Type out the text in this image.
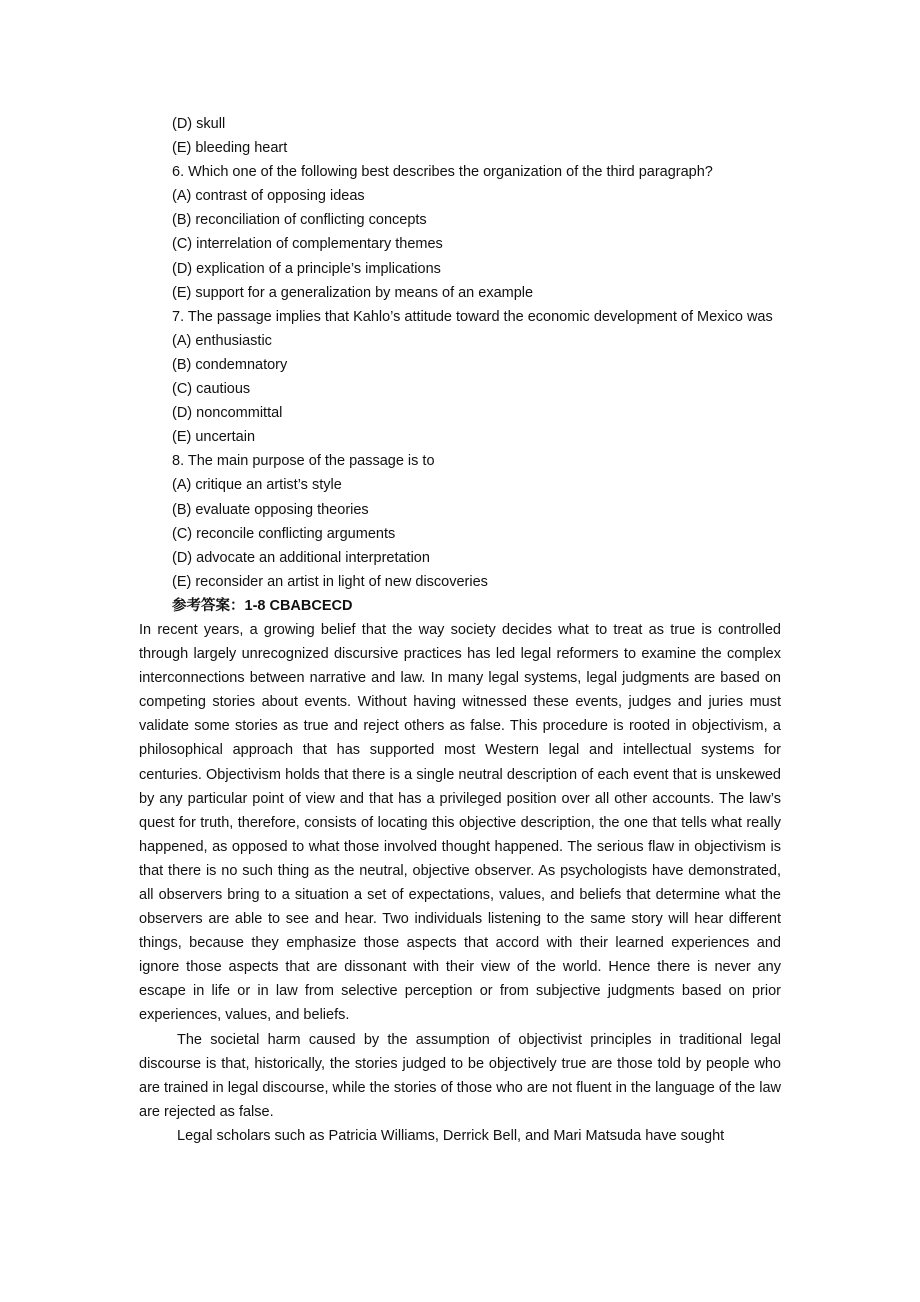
(D) skull
(E) bleeding heart
6. Which one of the following best describes the organization of the third paragraph?
(A) contrast of opposing ideas
(B) reconciliation of conflicting concepts
(C) interrelation of complementary themes
(D) explication of a principle’s implications
(E) support for a generalization by means of an example
7. The passage implies that Kahlo’s attitude toward the economic development of Mexico was
(A) enthusiastic
(B) condemnatory
(C) cautious
(D) noncommittal
(E) uncertain
8. The main purpose of the passage is to
(A) critique an artist’s style
(B) evaluate opposing theories
(C) reconcile conflicting arguments
(D) advocate an additional interpretation
(E) reconsider an artist in light of new discoveries
参考答案：1-8 CBABCECD

In recent years, a growing belief that the way society decides what to treat as true is controlled through largely unrecognized discursive practices has led legal reformers to examine the complex interconnections between narrative and law. In many legal systems, legal judgments are based on competing stories about events. Without having witnessed these events, judges and juries must validate some stories as true and reject others as false. This procedure is rooted in objectivism, a philosophical approach that has supported most Western legal and intellectual systems for centuries. Objectivism holds that there is a single neutral description of each event that is unskewed by any particular point of view and that has a privileged position over all other accounts. The law’s quest for truth, therefore, consists of locating this objective description, the one that tells what really happened, as opposed to what those involved thought happened. The serious flaw in objectivism is that there is no such thing as the neutral, objective observer. As psychologists have demonstrated, all observers bring to a situation a set of expectations, values, and beliefs that determine what the observers are able to see and hear. Two individuals listening to the same story will hear different things, because they emphasize those aspects that accord with their learned experiences and ignore those aspects that are dissonant with their view of the world. Hence there is never any escape in life or in law from selective perception or from subjective judgments based on prior experiences, values, and beliefs.

The societal harm caused by the assumption of objectivist principles in traditional legal discourse is that, historically, the stories judged to be objectively true are those told by people who are trained in legal discourse, while the stories of those who are not fluent in the language of the law are rejected as false.

Legal scholars such as Patricia Williams, Derrick Bell, and Mari Matsuda have sought
